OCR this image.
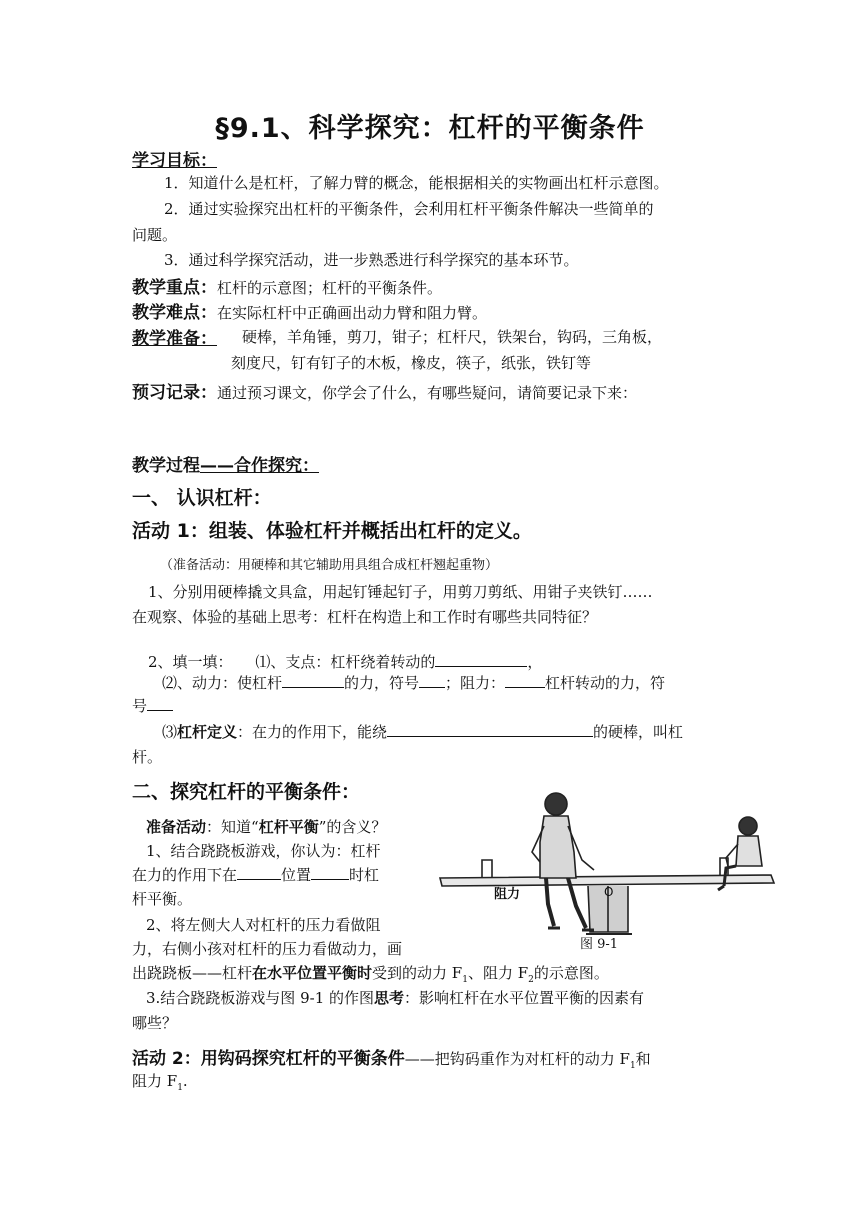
§9.1、科学探究：杠杆的平衡条件
学习目标：
1．知道什么是杠杆，了解力臂的概念，能根据相关的实物画出杠杆示意图。
2．通过实验探究出杠杆的平衡条件，会利用杠杆平衡条件解决一些简单的
问题。
3．通过科学探究活动，进一步熟悉进行科学探究的基本环节。
教学重点：杠杆的示意图；杠杆的平衡条件。
教学难点：在实际杠杆中正确画出动力臂和阻力臂。
教学准备： 硬棒，羊角锤，剪刀，钳子；杠杆尺，铁架台，钩码，三角板，
刻度尺，钉有钉子的木板，橡皮，筷子，纸张，铁钉等
预习记录：通过预习课文，你学会了什么，有哪些疑问，请简要记录下来：
教学过程——合作探究：
一、 认识杠杆：
活动 1：组装、体验杠杆并概括出杠杆的定义。
（准备活动：用硬棒和其它辅助用具组合成杠杆翘起重物）
1、分别用硬棒撬文具盒，用起钉锤起钉子，用剪刀剪纸、用钳子夹铁钉……
在观察、体验的基础上思考：杠杆在构造上和工作时有哪些共同特征？
2、填一填： ⑴、支点：杠杆绕着转动的	，
⑵、动力：使杠杆	的力，符号 ；阻力：	杠杆转动的力，符
号
⑶杠杆定义：在力的作用下，能绕	的硬棒，叫杠
杆。
二、探究杠杆的平衡条件：
准备活动：知道“杠杆平衡”的含义？
1、结合跷跷板游戏，你认为：杠杆
在力的作用下在	位置	时杠
杆平衡。
2、将左侧大人对杠杆的压力看做阻
力，右侧小孩对杠杆的压力看做动力，画
出跷跷板——杠杆在水平位置平衡时受到的动力 $F_1$、阻力 $F_2$的示意图。
3.结合跷跷板游戏与图 9-1 的作图思考：影响杠杆在水平位置平衡的因素有
哪些？
活动 2：用钩码探究杠杆的平衡条件——把钩码重作为对杠杆的动力 $F_1$和
阻力 $F_1$.
阻力	O
图 9-1
